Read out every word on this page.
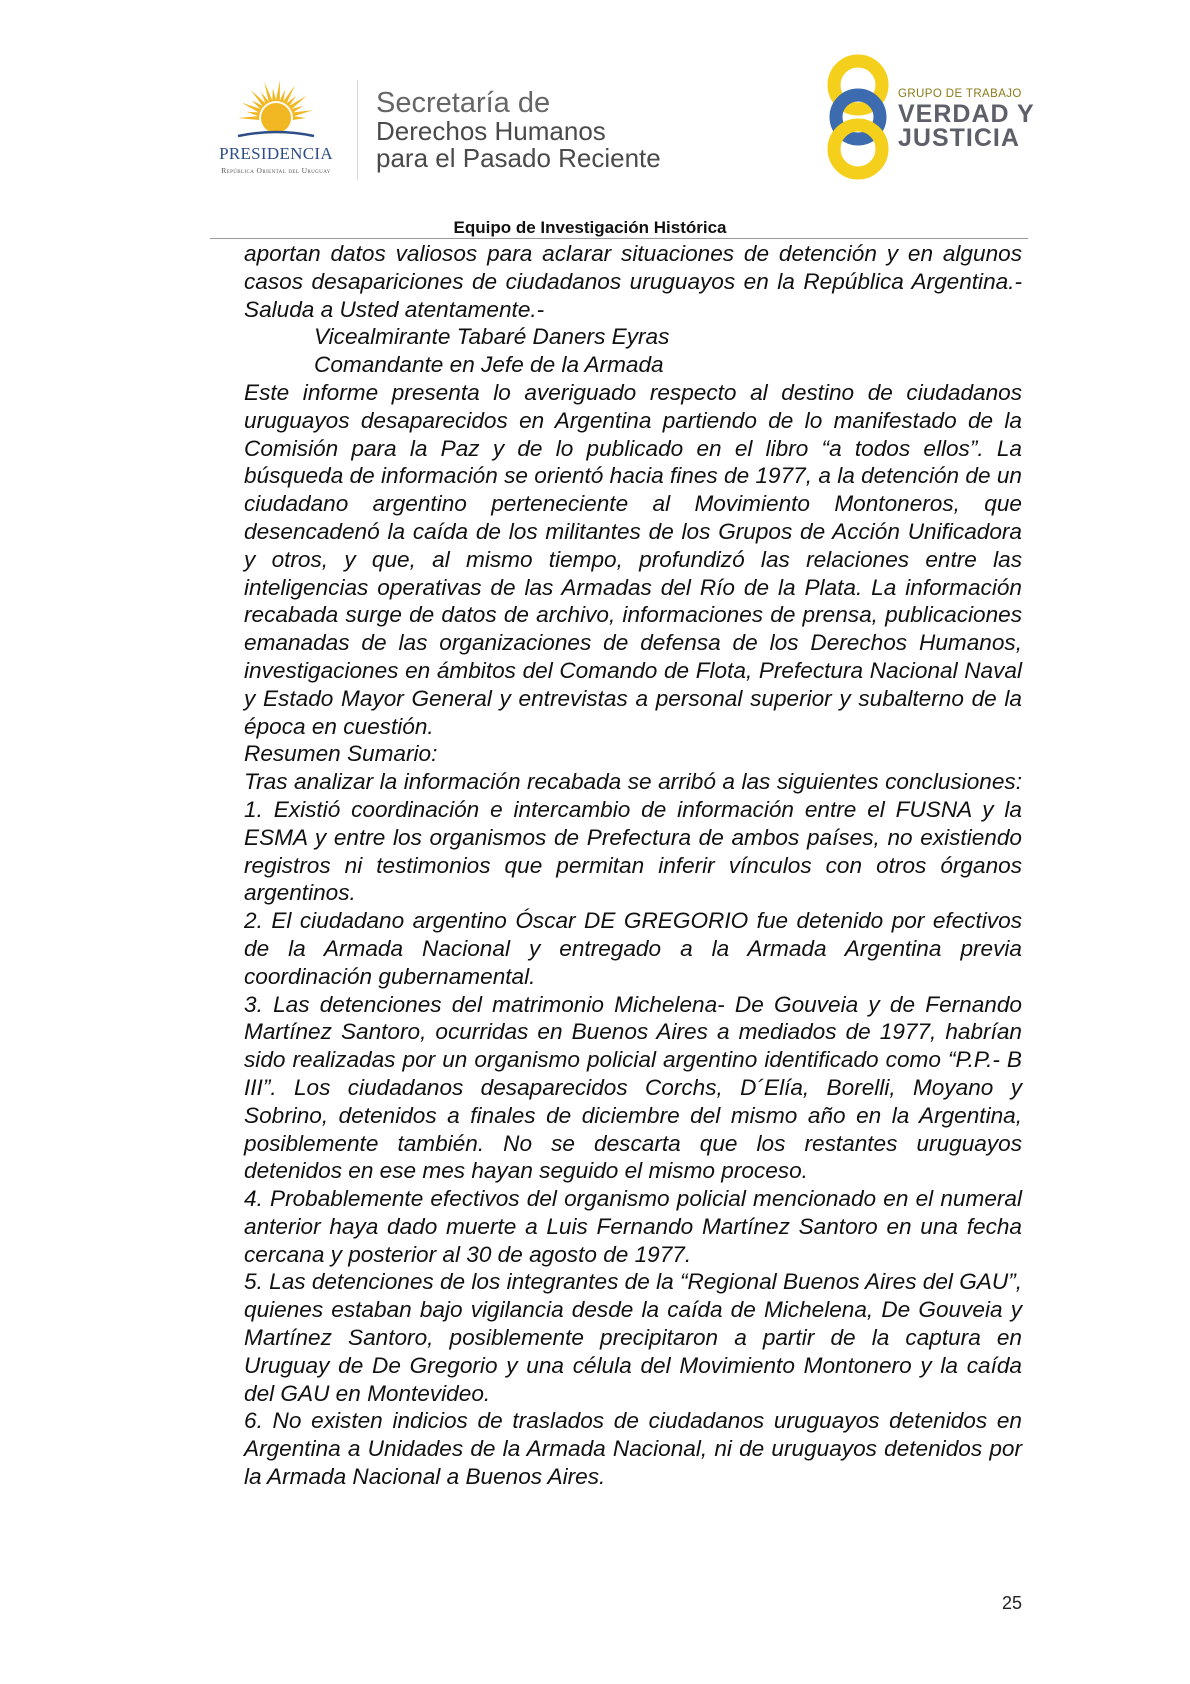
PRESIDENCIA
República Oriental del Uruguay
Secretaría de
Derechos Humanos
para el Pasado Reciente
GRUPO DE TRABAJO
VERDAD Y
JUSTICIA
Equipo de Investigación Histórica

aportan datos valiosos para aclarar situaciones de detención y en algunos casos desapariciones de ciudadanos uruguayos en la República Argentina.- Saluda a Usted atentamente.-

Vicealmirante Tabaré Daners Eyras

Comandante en Jefe de la Armada

Este informe presenta lo averiguado respecto al destino de ciudadanos uruguayos desaparecidos en Argentina partiendo de lo manifestado de la Comisión para la Paz y de lo publicado en el libro “a todos ellos”. La búsqueda de información se orientó hacia fines de 1977, a la detención de un ciudadano argentino perteneciente al Movimiento Montoneros, que desencadenó la caída de los militantes de los Grupos de Acción Unificadora y otros, y que, al mismo tiempo, profundizó las relaciones entre las inteligencias operativas de las Armadas del Río de la Plata. La información recabada surge de datos de archivo, informaciones de prensa, publicaciones emanadas de las organizaciones de defensa de los Derechos Humanos, investigaciones en ámbitos del Comando de Flota, Prefectura Nacional Naval y Estado Mayor General y entrevistas a personal superior y subalterno de la época en cuestión.

Resumen Sumario:

Tras analizar la información recabada se arribó a las siguientes conclusiones: 1. Existió coordinación e intercambio de información entre el FUSNA y la ESMA y entre los organismos de Prefectura de ambos países, no existiendo registros ni testimonios que permitan inferir vínculos con otros órganos argentinos.

2. El ciudadano argentino Óscar DE GREGORIO fue detenido por efectivos de la Armada Nacional y entregado a la Armada Argentina previa coordinación gubernamental.

3. Las detenciones del matrimonio Michelena- De Gouveia y de Fernando Martínez Santoro, ocurridas en Buenos Aires a mediados de 1977, habrían sido realizadas por un organismo policial argentino identificado como “P.P.- B III”. Los ciudadanos desaparecidos Corchs, D´Elía, Borelli, Moyano y Sobrino, detenidos a finales de diciembre del mismo año en la Argentina, posiblemente también. No se descarta que los restantes uruguayos detenidos en ese mes hayan seguido el mismo proceso.

4. Probablemente efectivos del organismo policial mencionado en el numeral anterior haya dado muerte a Luis Fernando Martínez Santoro en una fecha cercana y posterior al 30 de agosto de 1977.

5. Las detenciones de los integrantes de la “Regional Buenos Aires del GAU”, quienes estaban bajo vigilancia desde la caída de Michelena, De Gouveia y Martínez Santoro, posiblemente precipitaron a partir de la captura en Uruguay de De Gregorio y una célula del Movimiento Montonero y la caída del GAU en Montevideo.

6. No existen indicios de traslados de ciudadanos uruguayos detenidos en Argentina a Unidades de la Armada Nacional, ni de uruguayos detenidos por la Armada Nacional a Buenos Aires.

25
